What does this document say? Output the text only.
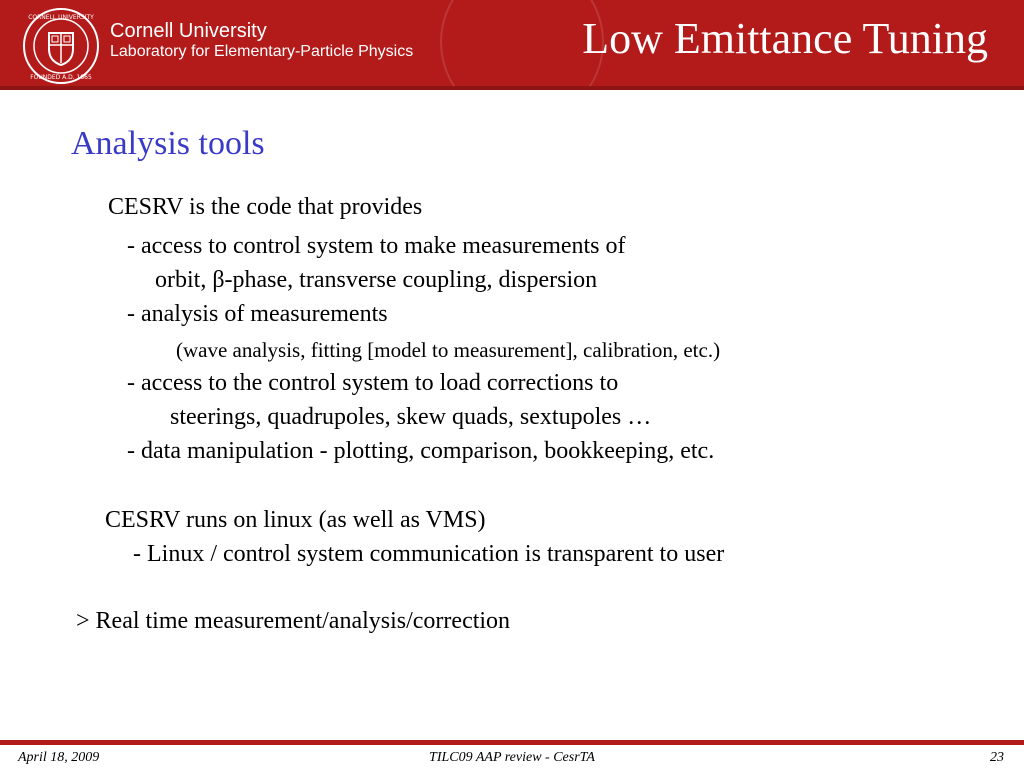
CORNELL UNIVERSITY
FOUNDED A.D. 1865
Cornell University
Laboratory for Elementary-Particle Physics	Low Emittance Tuning
Analysis tools
CESRV is the code that provides
- access to control system to make measurements of
orbit, β-phase, transverse coupling, dispersion
- analysis of measurements
(wave analysis, fitting [model to measurement], calibration, etc.)
- access to the control system to load corrections to
steerings, quadrupoles, skew quads, sextupoles …
- data manipulation - plotting, comparison, bookkeeping, etc.
CESRV runs on linux (as well as VMS)
- Linux / control system communication is transparent to user
> Real time measurement/analysis/correction
April 18, 2009	TILC09 AAP review - CesrTA	23
